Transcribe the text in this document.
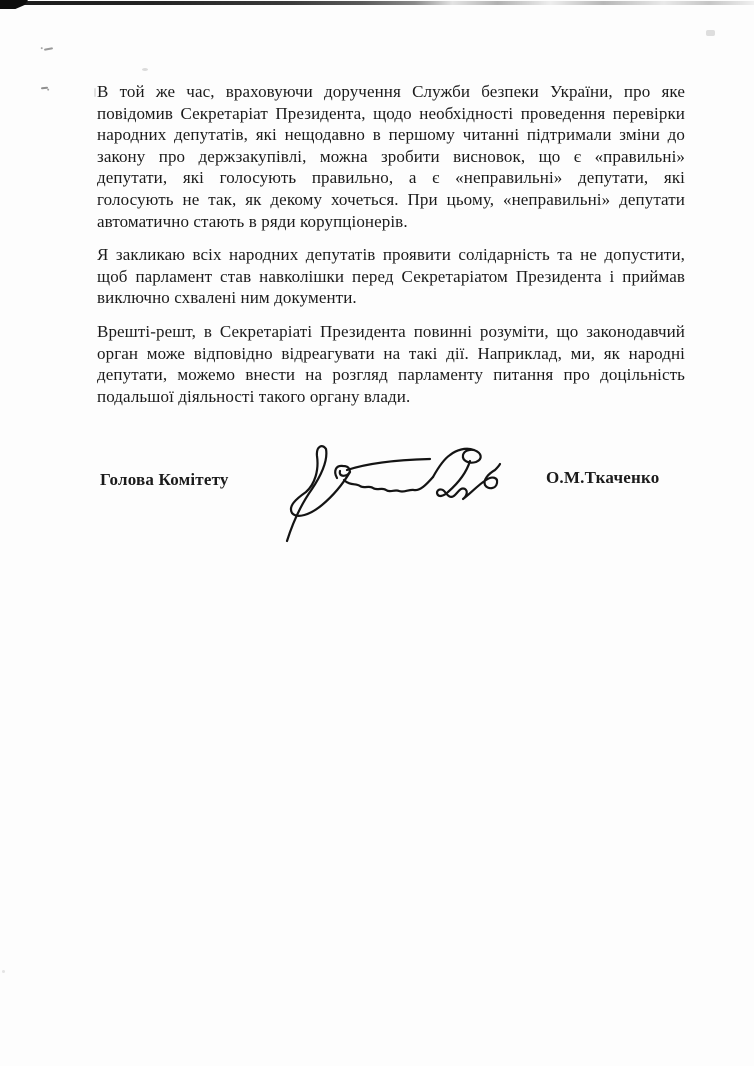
В той же час, враховуючи доручення Служби безпеки України, про яке
повідомив Секретаріат Президента, щодо необхідності проведення перевірки
народних депутатів, які нещодавно в першому читанні підтримали зміни до
закону про держзакупівлі, можна зробити висновок, що є «правильні»
депутати, які голосують правильно, а є «неправильні» депутати, які
голосують не так, як декому хочеться. При цьому, «неправильні» депутати
автоматично стають в ряди корупціонерів.
Я закликаю всіх народних депутатів проявити солідарність та не допустити,
щоб парламент став навколішки перед Секретаріатом Президента і приймав
виключно схвалені ним документи.
Врешті-решт, в Секретаріаті Президента повинні розуміти, що законодавчий
орган може відповідно відреагувати на такі дії. Наприклад, ми, як народні
депутати, можемо внести на розгляд парламенту питання про доцільність
подальшої діяльності такого органу влади.
Голова Комітету	О.М.Ткаченко
